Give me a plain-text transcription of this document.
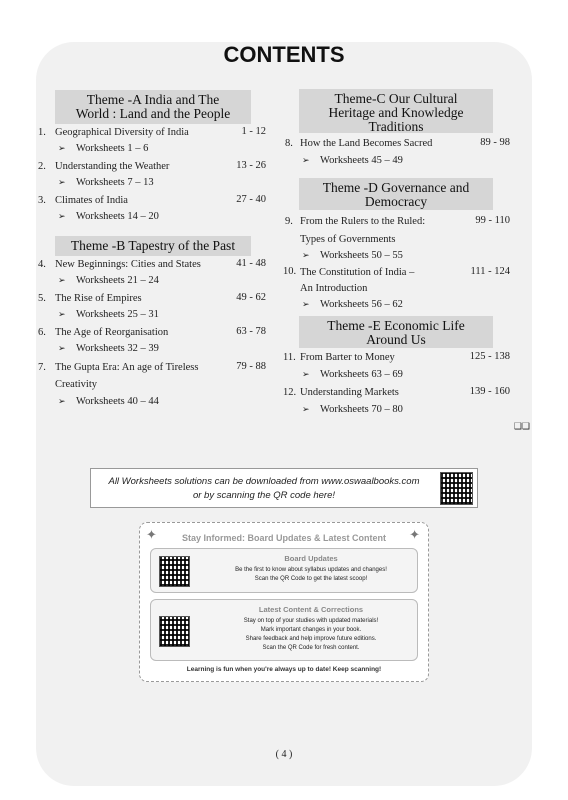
CONTENTS
Theme -A India and The
World : Land and the People
1. Geographical Diversity of India	1 - 12
➢ Worksheets 1 – 6
2. Understanding the Weather	13 - 26
➢ Worksheets 7 – 13
3. Climates of India	27 - 40
➢ Worksheets 14 – 20
Theme -B Tapestry of the Past
4. New Beginnings: Cities and States	41 - 48
➢ Worksheets 21 – 24
5. The Rise of Empires	49 - 62
➢ Worksheets 25 – 31
6. The Age of Reorganisation	63 - 78
➢ Worksheets 32 – 39
7. The Gupta Era: An age of Tireless
Creativity
79 - 88
➢ Worksheets 40 – 44
Theme-C Our Cultural
Heritage and Knowledge
Traditions
8. How the Land Becomes Sacred	89 - 98
➢ Worksheets 45 – 49
Theme -D Governance and
Democracy
9. From the Rulers to the Ruled:
Types of Governments
99 - 110
➢ Worksheets 50 – 55
10. The Constitution of India –
An Introduction
111 - 124
➢ Worksheets 56 – 62
Theme -E Economic Life
Around Us
11. From Barter to Money	125 - 138
➢ Worksheets 63 – 69
12. Understanding Markets	139 - 160
➢ Worksheets 70 – 80
❑❑
All Worksheets solutions can be downloaded from www.oswaalbooks.com
or by scanning the QR code here!
✦	✦
Stay Informed: Board Updates & Latest Content
Board Updates
Be the first to know about syllabus updates and changes!
Scan the QR Code to get the latest scoop!
Latest Content & Corrections
Stay on top of your studies with updated materials!
Mark important changes in your book.
Share feedback and help improve future editions.
Scan the QR Code for fresh content.
Learning is fun when you're always up to date! Keep scanning!
( 4 )
